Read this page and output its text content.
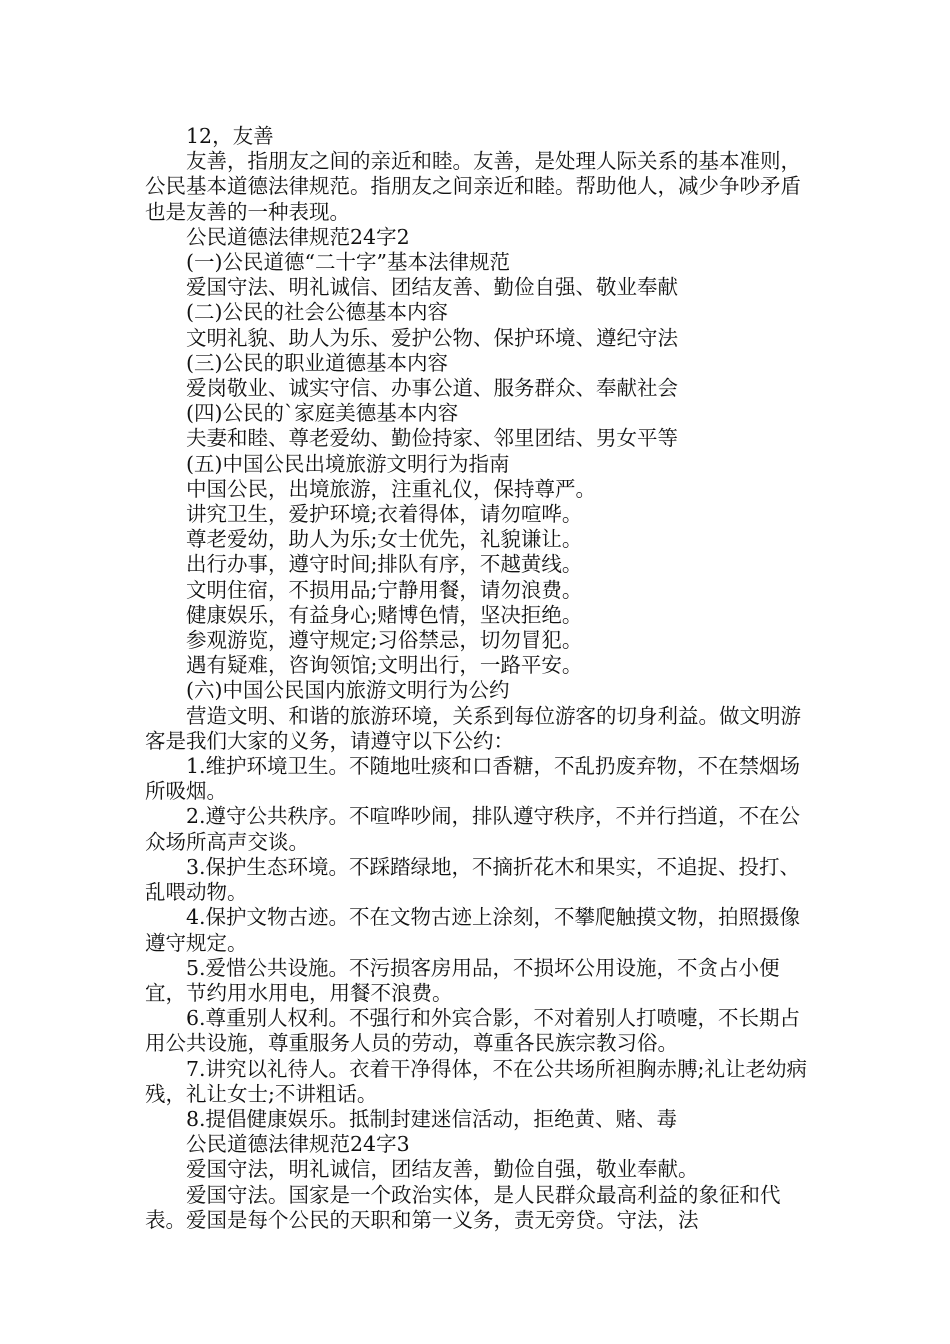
12，友善

友善，指朋友之间的亲近和睦。友善，是处理人际关系的基本准则，公民基本道德法律规范。指朋友之间亲近和睦。帮助他人，减少争吵矛盾也是友善的一种表现。

公民道德法律规范24字2

(一)公民道德“二十字”基本法律规范

爱国守法、明礼诚信、团结友善、勤俭自强、敬业奉献

(二)公民的社会公德基本内容

文明礼貌、助人为乐、爱护公物、保护环境、遵纪守法

(三)公民的职业道德基本内容

爱岗敬业、诚实守信、办事公道、服务群众、奉献社会

(四)公民的`家庭美德基本内容

夫妻和睦、尊老爱幼、勤俭持家、邻里团结、男女平等

(五)中国公民出境旅游文明行为指南

中国公民，出境旅游，注重礼仪，保持尊严。

讲究卫生，爱护环境;衣着得体，请勿喧哗。

尊老爱幼，助人为乐;女士优先，礼貌谦让。

出行办事，遵守时间;排队有序，不越黄线。

文明住宿，不损用品;宁静用餐，请勿浪费。

健康娱乐，有益身心;赌博色情，坚决拒绝。

参观游览，遵守规定;习俗禁忌，切勿冒犯。

遇有疑难，咨询领馆;文明出行，一路平安。

(六)中国公民国内旅游文明行为公约

营造文明、和谐的旅游环境，关系到每位游客的切身利益。做文明游客是我们大家的义务，请遵守以下公约：

1.维护环境卫生。不随地吐痰和口香糖，不乱扔废弃物，不在禁烟场所吸烟。

2.遵守公共秩序。不喧哗吵闹，排队遵守秩序，不并行挡道，不在公众场所高声交谈。

3.保护生态环境。不踩踏绿地，不摘折花木和果实，不追捉、投打、乱喂动物。

4.保护文物古迹。不在文物古迹上涂刻，不攀爬触摸文物，拍照摄像遵守规定。

5.爱惜公共设施。不污损客房用品，不损坏公用设施，不贪占小便宜，节约用水用电，用餐不浪费。

6.尊重别人权利。不强行和外宾合影，不对着别人打喷嚏，不长期占用公共设施，尊重服务人员的劳动，尊重各民族宗教习俗。

7.讲究以礼待人。衣着干净得体，不在公共场所袒胸赤膊;礼让老幼病残，礼让女士;不讲粗话。

8.提倡健康娱乐。抵制封建迷信活动，拒绝黄、赌、毒

公民道德法律规范24字3

爱国守法，明礼诚信，团结友善，勤俭自强，敬业奉献。

爱国守法。国家是一个政治实体，是人民群众最高利益的象征和代表。爱国是每个公民的天职和第一义务，责无旁贷。守法，法
